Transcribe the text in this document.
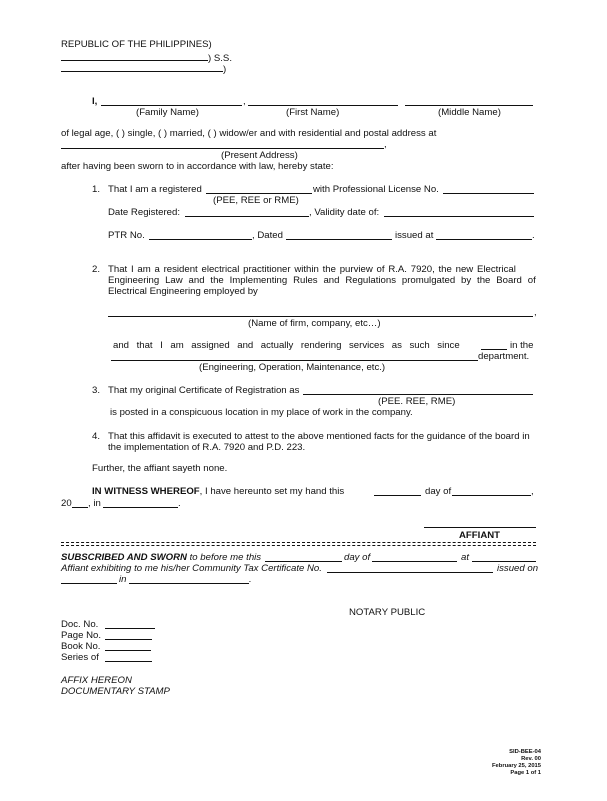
REPUBLIC OF THE PHILIPPINES)
) S.S.
)
I,	,
(Family Name)	(First Name)	(Middle Name)
of legal age, ( ) single, ( ) married, ( ) widow/er and with residential and postal address at
,
(Present Address)
after having been sworn to in accordance with law, hereby state:
1. That I am a registered	with Professional License No.
(PEE, REE or RME)
Date Registered:	, Validity date of:
PTR No.	, Dated	issued at	.
2. That I am a resident electrical practitioner within the purview of R.A. 7920, the new Electrical
Engineering Law and the Implementing Rules and Regulations promulgated by the Board of
Electrical Engineering employed by
,
(Name of firm, company, etc…)
and that I am assigned and actually rendering services as such since	in the
department.
(Engineering, Operation, Maintenance, etc.)
3. That my original Certificate of Registration as
(PEE. REE, RME)
is posted in a conspicuous location in my place of work in the company.
4. That this affidavit is executed to attest to the above mentioned facts for the guidance of the board in
the implementation of R.A. 7920 and P.D. 223.
Further, the affiant sayeth none.
IN WITNESS WHEREOF, I have hereunto set my hand this	day of	,
20 , in	.
AFFIANT
SUBSCRIBED AND SWORN to before me this	day of	at
Affiant exhibiting to me his/her Community Tax Certificate No.	issued on
in	.
NOTARY PUBLIC
Doc. No.
Page No.
Book No.
Series of
AFFIX HEREON
DOCUMENTARY STAMP
SID-BEE-04
Rev. 00
February 25, 2015
Page 1 of 1
